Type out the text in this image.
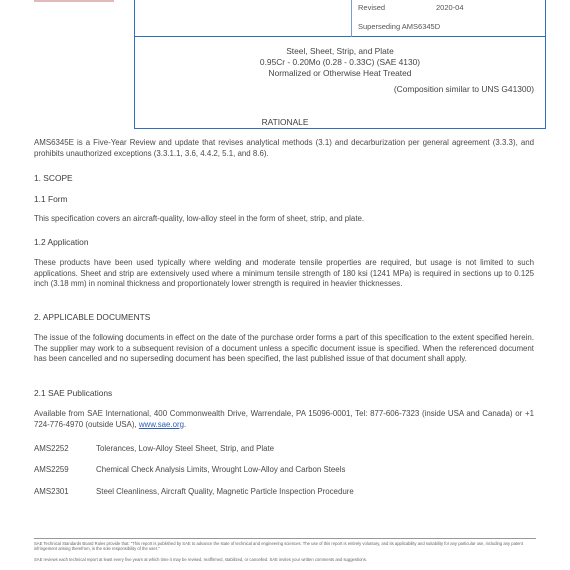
Revised	2020-04
Superseding AMS6345D
Steel, Sheet, Strip, and Plate
0.95Cr - 0.20Mo (0.28 - 0.33C) (SAE 4130)
Normalized or Otherwise Heat Treated
(Composition similar to UNS G41300)
RATIONALE
AMS6345E is a Five-Year Review and update that revises analytical methods (3.1) and decarburization per general agreement (3.3.3), and prohibits unauthorized exceptions (3.3.1.1, 3.6, 4.4.2, 5.1, and 8.6).
1. SCOPE
1.1 Form
This specification covers an aircraft-quality, low-alloy steel in the form of sheet, strip, and plate.
1.2 Application
These products have been used typically where welding and moderate tensile properties are required, but usage is not limited to such applications. Sheet and strip are extensively used where a minimum tensile strength of 180 ksi (1241 MPa) is required in sections up to 0.125 inch (3.18 mm) in nominal thickness and proportionately lower strength is required in heavier thicknesses.
2. APPLICABLE DOCUMENTS
The issue of the following documents in effect on the date of the purchase order forms a part of this specification to the extent specified herein. The supplier may work to a subsequent revision of a document unless a specific document issue is specified. When the referenced document has been cancelled and no superseding document has been specified, the last published issue of that document shall apply.
2.1 SAE Publications
Available from SAE International, 400 Commonwealth Drive, Warrendale, PA 15096-0001, Tel: 877-606-7323 (inside USA and Canada) or +1 724-776-4970 (outside USA), www.sae.org.
AMS2252	Tolerances, Low-Alloy Steel Sheet, Strip, and Plate
AMS2259	Chemical Check Analysis Limits, Wrought Low-Alloy and Carbon Steels
AMS2301	Steel Cleanliness, Aircraft Quality, Magnetic Particle Inspection Procedure
SAE Technical Standards Board Rules provide that: "This report is published by SAE to advance the state of technical and engineering sciences. The use of this report is entirely voluntary, and its applicability and suitability for any particular use, including any patent infringement arising therefrom, is the sole responsibility of the user."
SAE reviews each technical report at least every five years at which time it may be revised, reaffirmed, stabilized, or cancelled. SAE invites your written comments and suggestions.
